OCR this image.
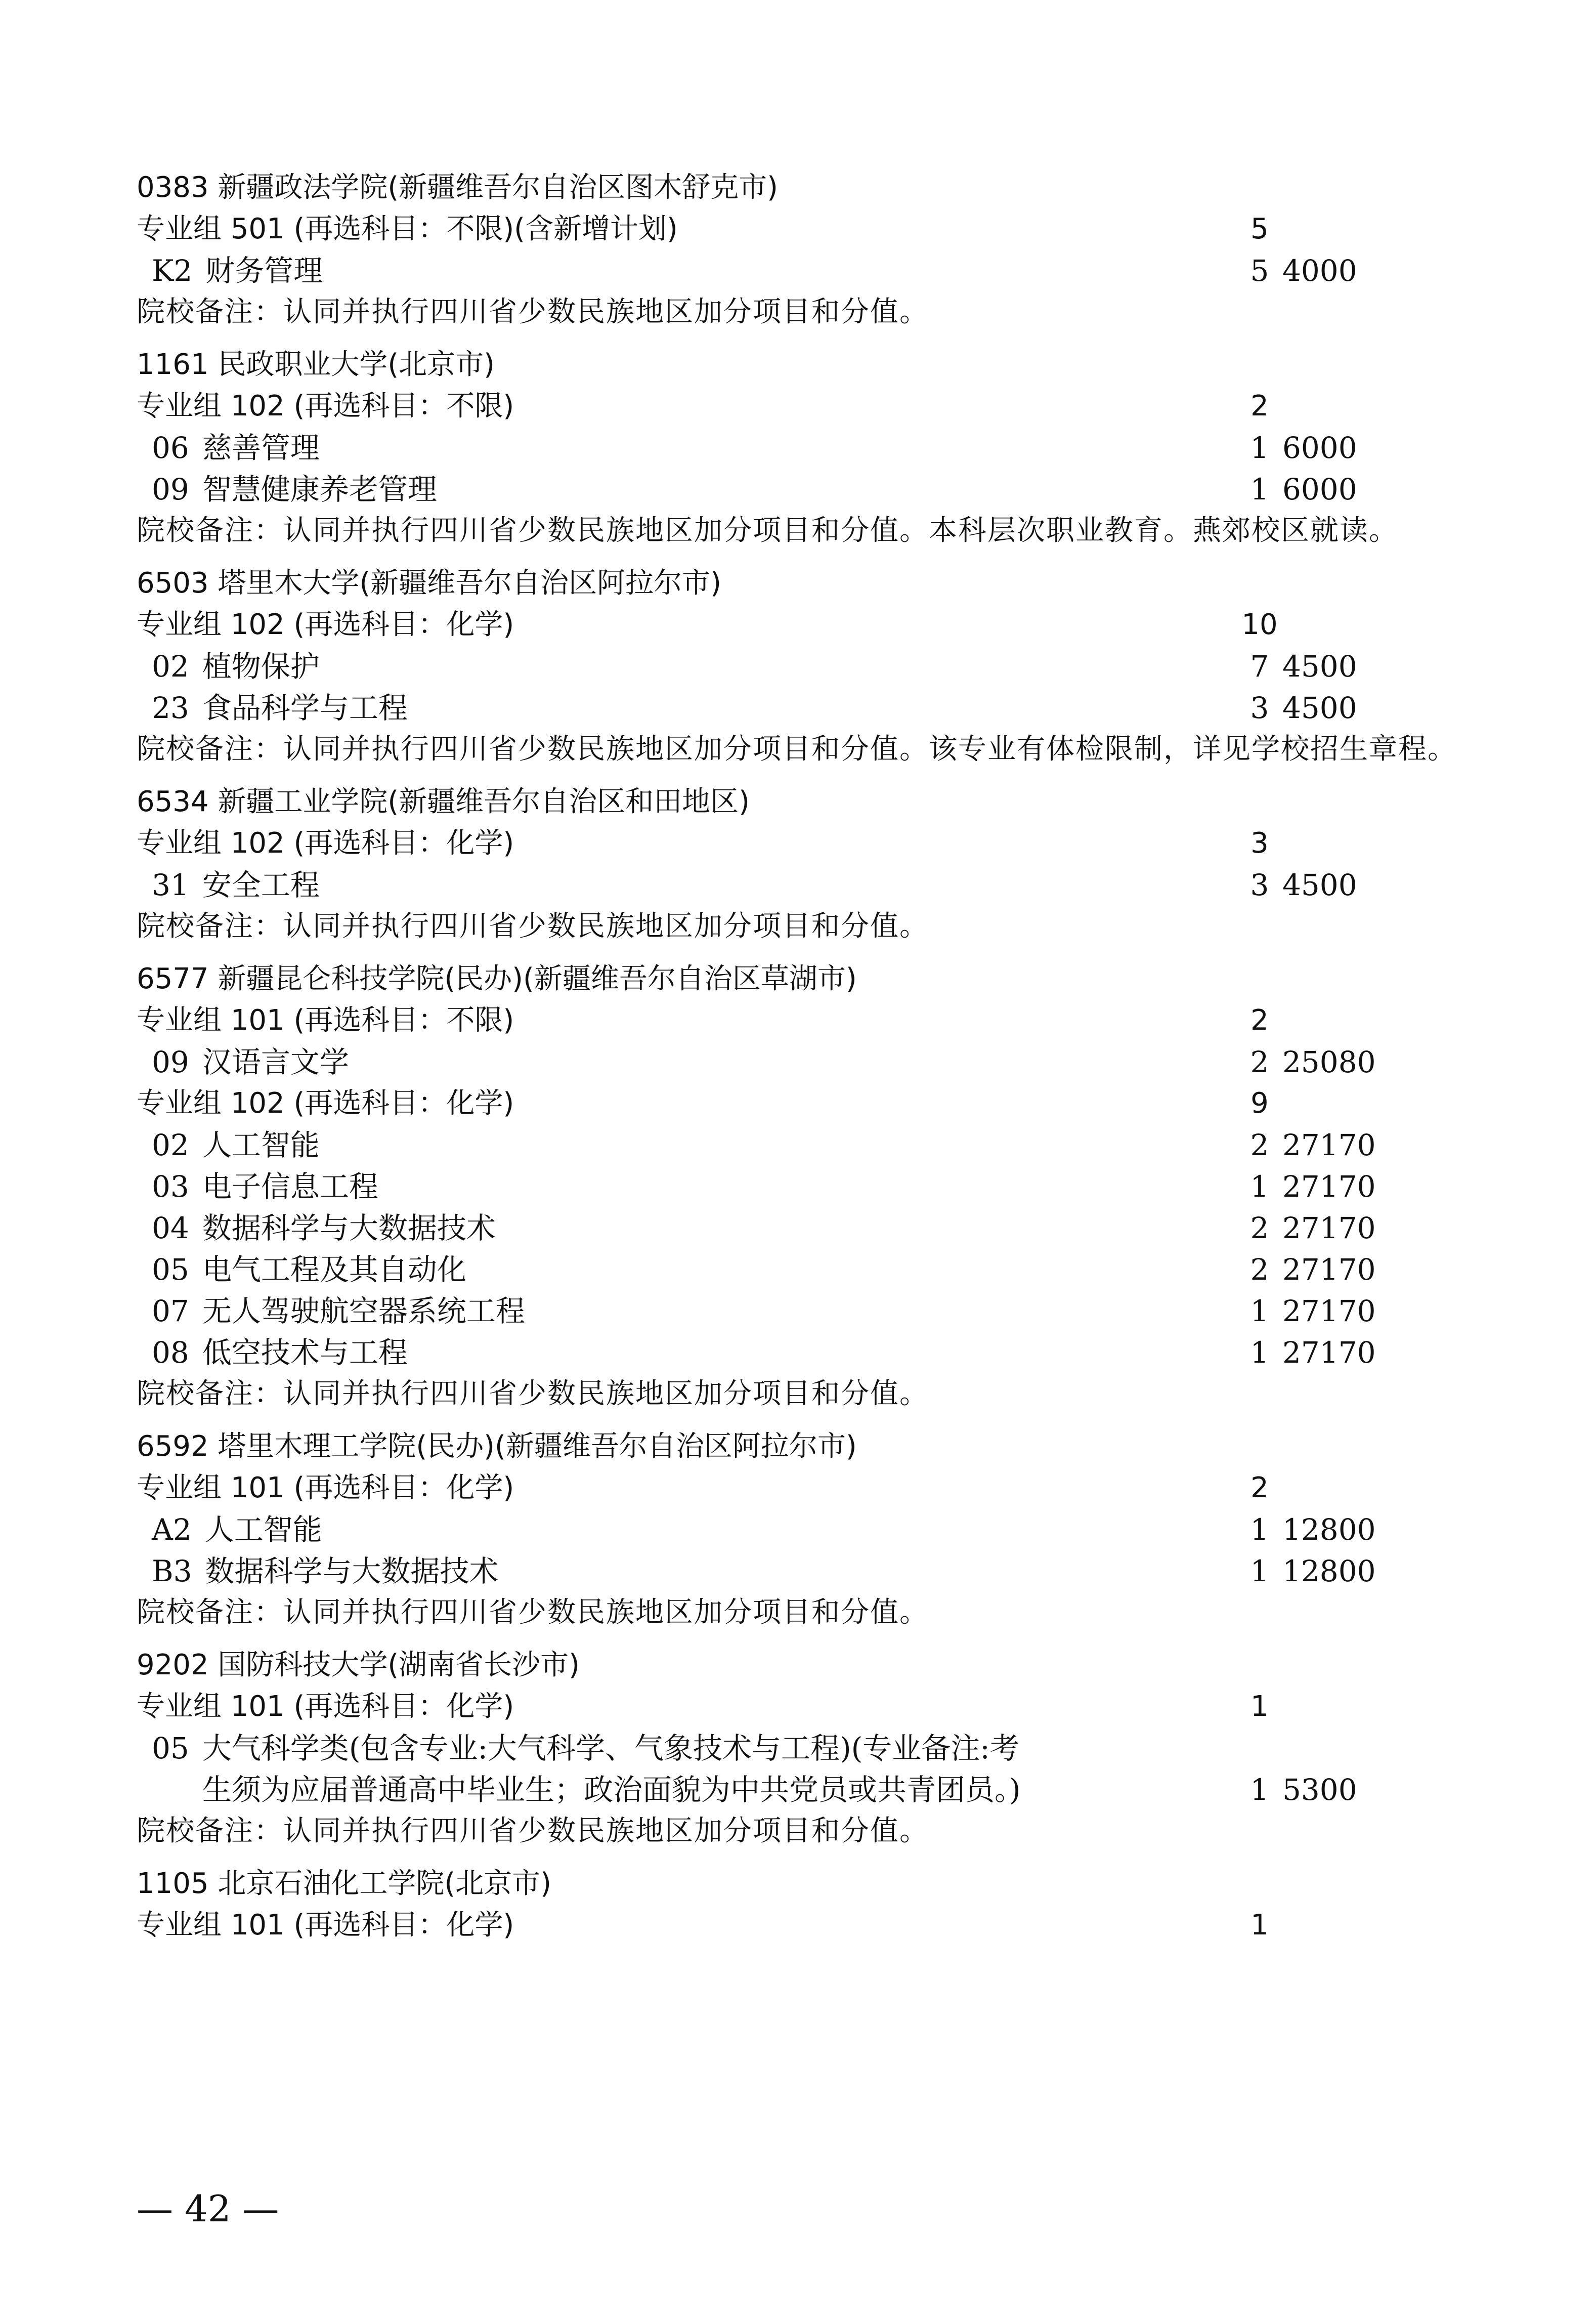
0383 新疆政法学院(新疆维吾尔自治区图木舒克市)
专业组 501 (再选科目：不限)(含新增计划)	5
K2 财务管理	5 4000
院校备注：认同并执行四川省少数民族地区加分项目和分值。
1161 民政职业大学(北京市)
专业组 102 (再选科目：不限)	2
06 慈善管理	1 6000
09 智慧健康养老管理	1 6000
院校备注：认同并执行四川省少数民族地区加分项目和分值。本科层次职业教育。燕郊校区就读。
6503 塔里木大学(新疆维吾尔自治区阿拉尔市)
专业组 102 (再选科目：化学)	10
02 植物保护	7 4500
23 食品科学与工程	3 4500
院校备注：认同并执行四川省少数民族地区加分项目和分值。该专业有体检限制，详见学校招生章程。
6534 新疆工业学院(新疆维吾尔自治区和田地区)
专业组 102 (再选科目：化学)	3
31 安全工程	3 4500
院校备注：认同并执行四川省少数民族地区加分项目和分值。
6577 新疆昆仑科技学院(民办)(新疆维吾尔自治区草湖市)
专业组 101 (再选科目：不限)	2
09 汉语言文学	2 25080
专业组 102 (再选科目：化学)	9
02 人工智能	2 27170
03 电子信息工程	1 27170
04 数据科学与大数据技术	2 27170
05 电气工程及其自动化	2 27170
07 无人驾驶航空器系统工程	1 27170
08 低空技术与工程	1 27170
院校备注：认同并执行四川省少数民族地区加分项目和分值。
6592 塔里木理工学院(民办)(新疆维吾尔自治区阿拉尔市)
专业组 101 (再选科目：化学)	2
A2 人工智能	1 12800
B3 数据科学与大数据技术	1 12800
院校备注：认同并执行四川省少数民族地区加分项目和分值。
9202 国防科技大学(湖南省长沙市)
专业组 101 (再选科目：化学)	1
05 大气科学类(包含专业:大气科学、气象技术与工程)(专业备注:考
生须为应届普通高中毕业生；政治面貌为中共党员或共青团员。)	1 5300
院校备注：认同并执行四川省少数民族地区加分项目和分值。
1105 北京石油化工学院(北京市)
专业组 101 (再选科目：化学)	1
— 42 —
